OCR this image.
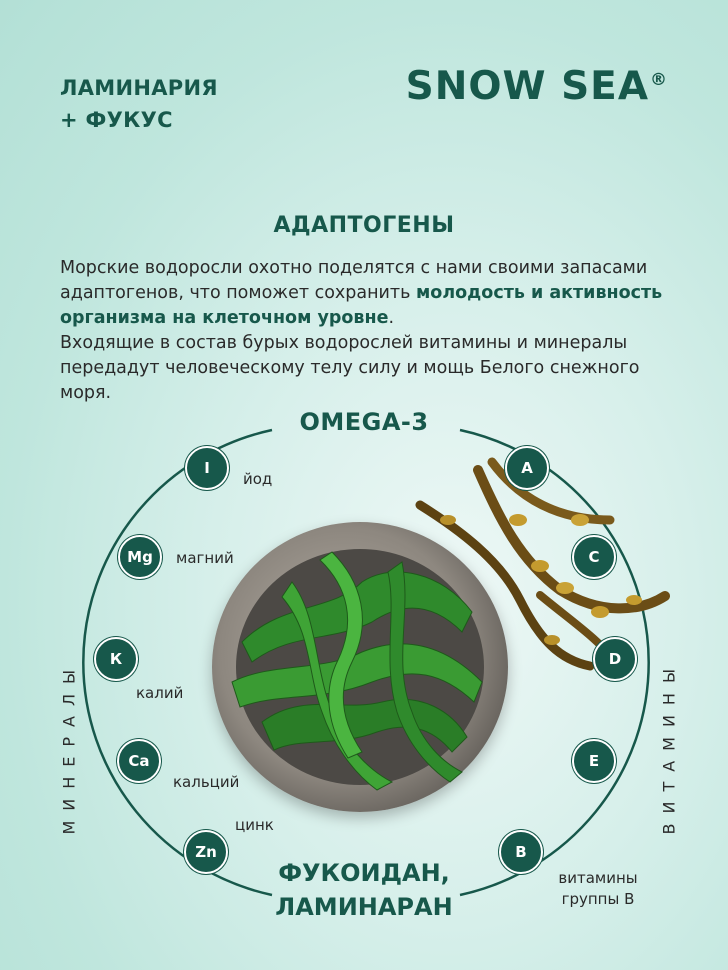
ЛАМИНАРИЯ
+ ФУКУС
SNOW SEA®
АДАПТОГЕНЫ

Морские водоросли охотно поделятся с нами своими запасами адаптогенов, что поможет сохранить молодость и активность организма на клеточном уровне.

Входящие в состав бурых водорослей витамины и минералы передадут человеческому телу силу и мощь Белого снежного моря.

OMEGA-3
ФУКОИДАН,
ЛАМИНАРАН
МИНЕРАЛЫ	ВИТАМИНЫ
I
йод
Mg	магний
К
калий
Ca
кальций
Zn
цинк
A
C
D
E
B
витамины
группы В
